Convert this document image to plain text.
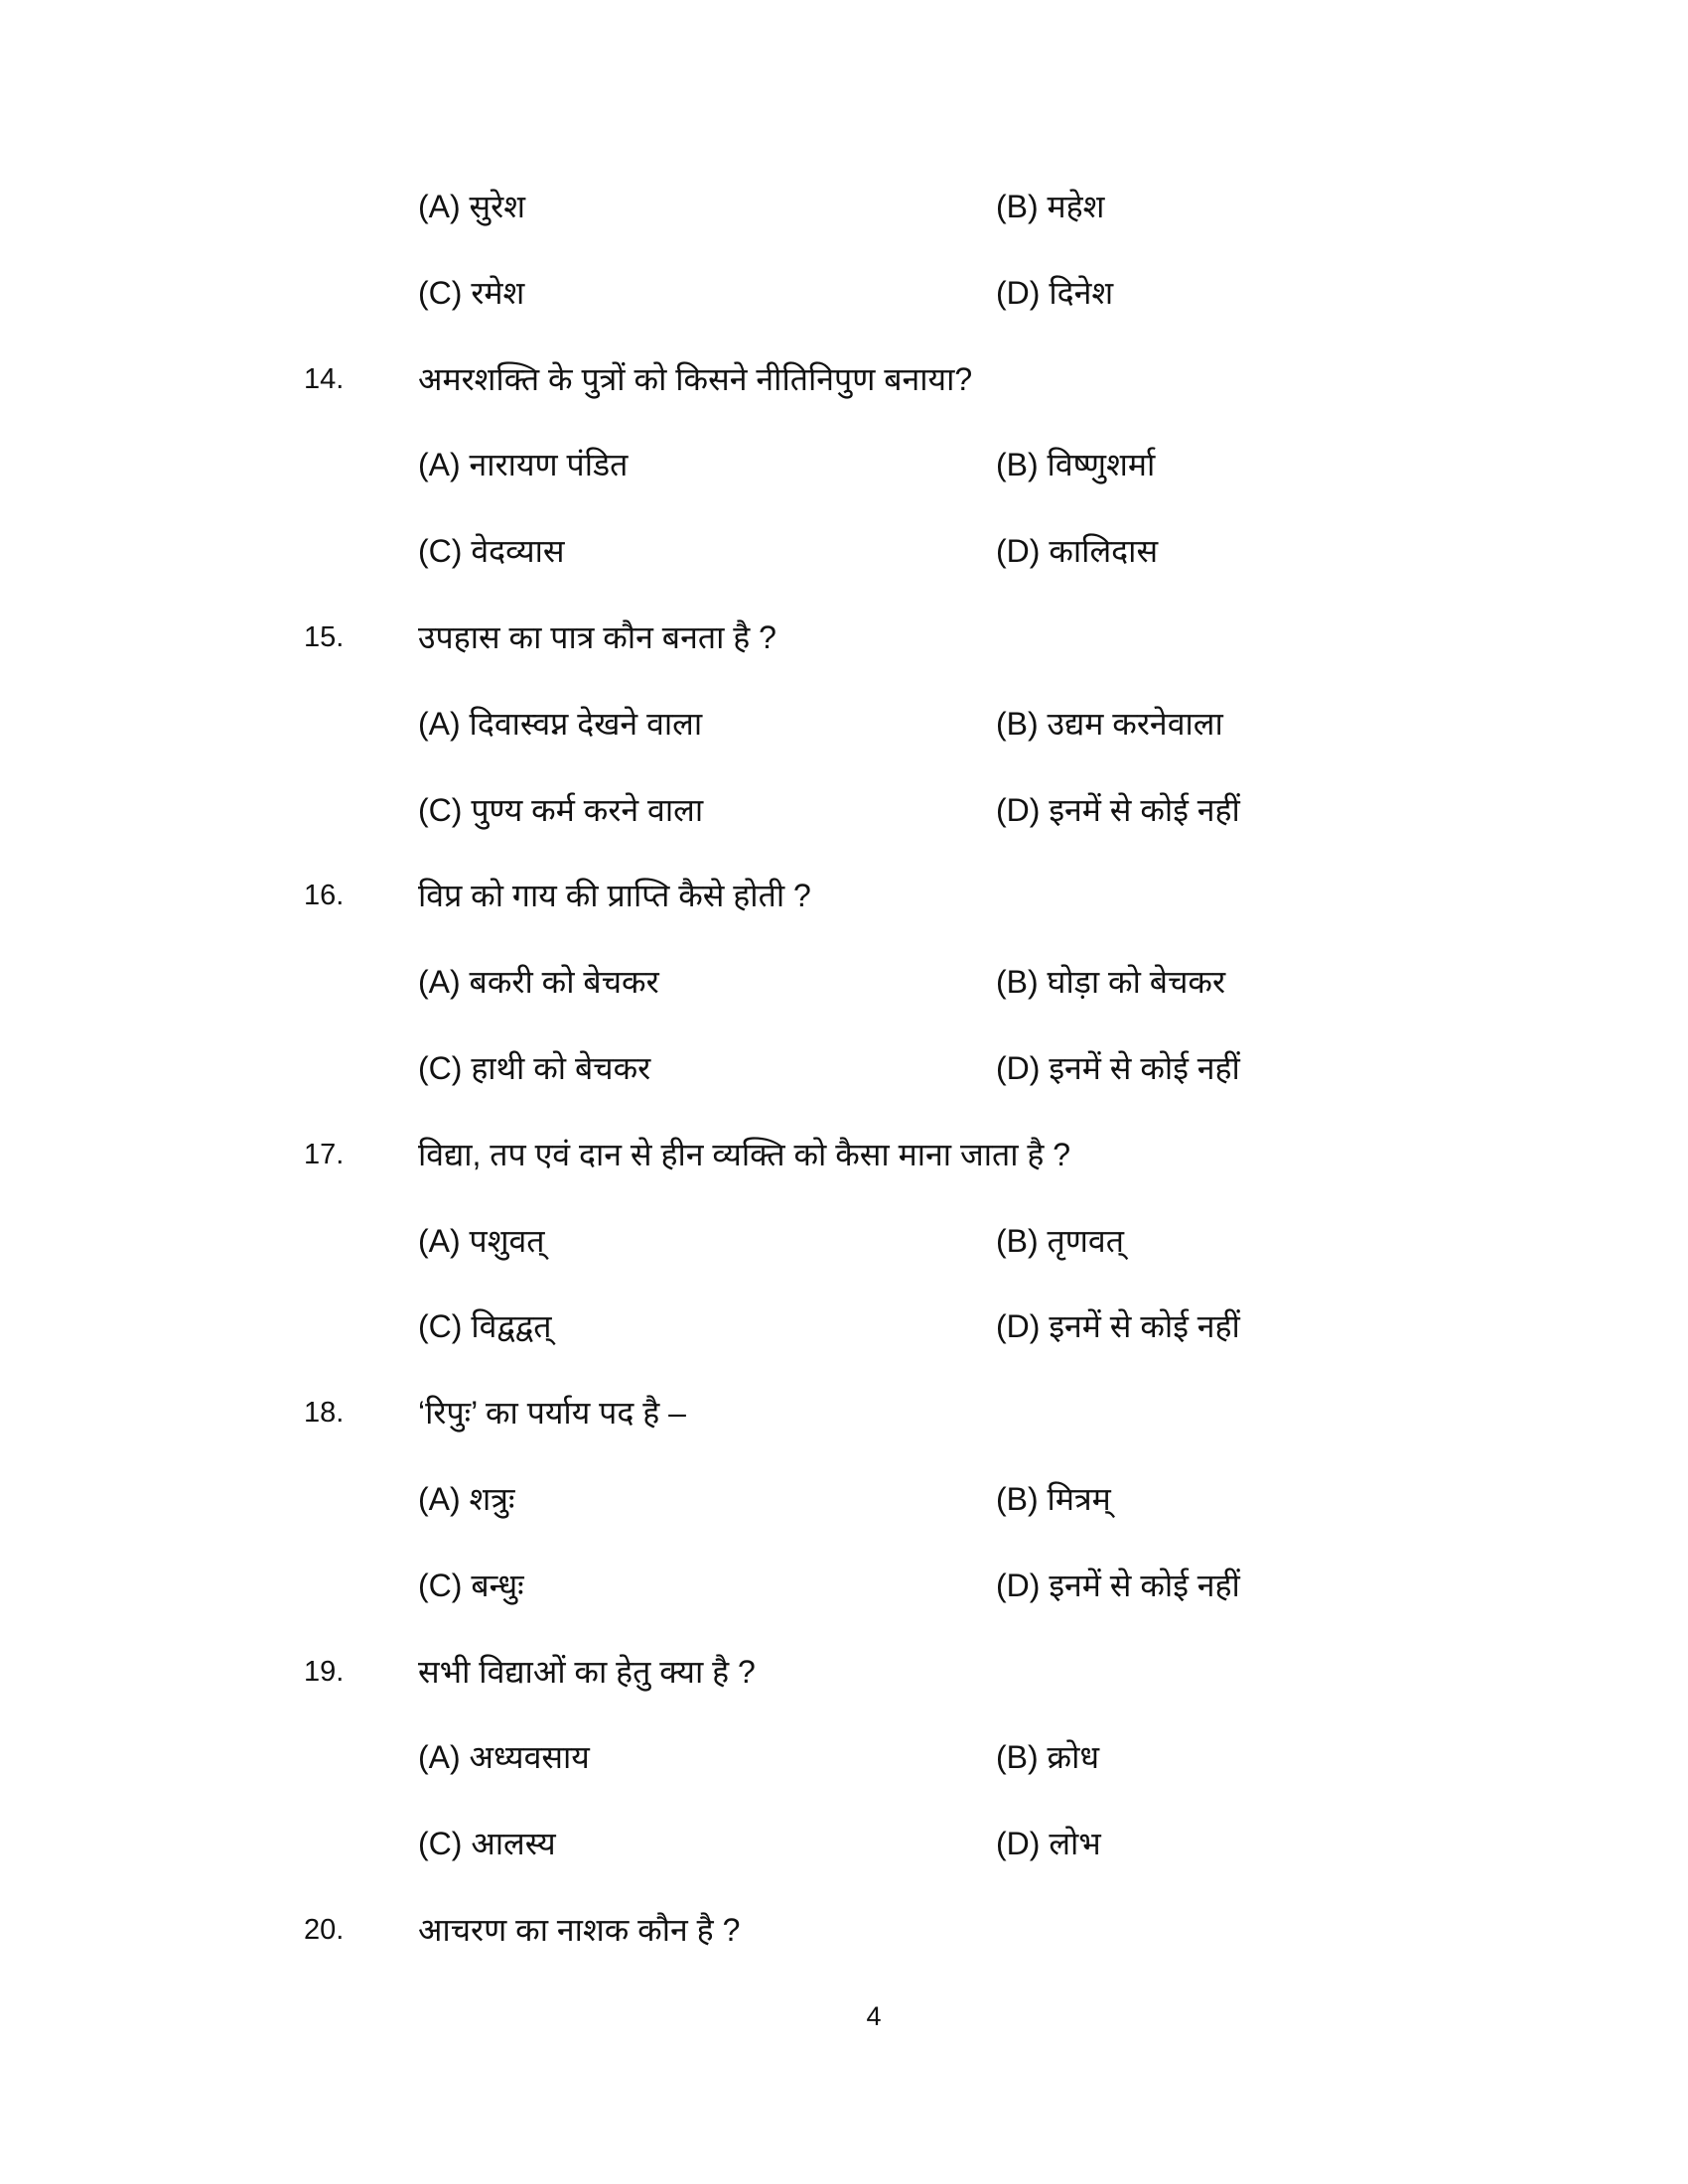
(A) सुरेश	(B) महेश
(C) रमेश	(D) दिनेश
14. अमरशक्ति के पुत्रों को किसने नीतिनिपुण बनाया?
(A) नारायण पंडित	(B) विष्णुशर्मा
(C) वेदव्यास	(D) कालिदास
15. उपहास का पात्र कौन बनता है ?
(A) दिवास्वप्न देखने वाला	(B) उद्यम करनेवाला
(C) पुण्य कर्म करने वाला	(D) इनमें से कोई नहीं
16. विप्र को गाय की प्राप्ति कैसे होती ?
(A) बकरी को बेचकर	(B) घोड़ा को बेचकर
(C) हाथी को बेचकर	(D) इनमें से कोई नहीं
17. विद्या, तप एवं दान से हीन व्यक्ति को कैसा माना जाता है ?
(A) पशुवत्	(B) तृणवत्
(C) विद्वद्वत्	(D) इनमें से कोई नहीं
18. ‘रिपुः’ का पर्याय पद है –
(A) शत्रुः	(B) मित्रम्
(C) बन्धुः	(D) इनमें से कोई नहीं
19. सभी विद्याओं का हेतु क्या है ?
(A) अध्यवसाय	(B) क्रोध
(C) आलस्य	(D) लोभ
20. आचरण का नाशक कौन है ?
4
